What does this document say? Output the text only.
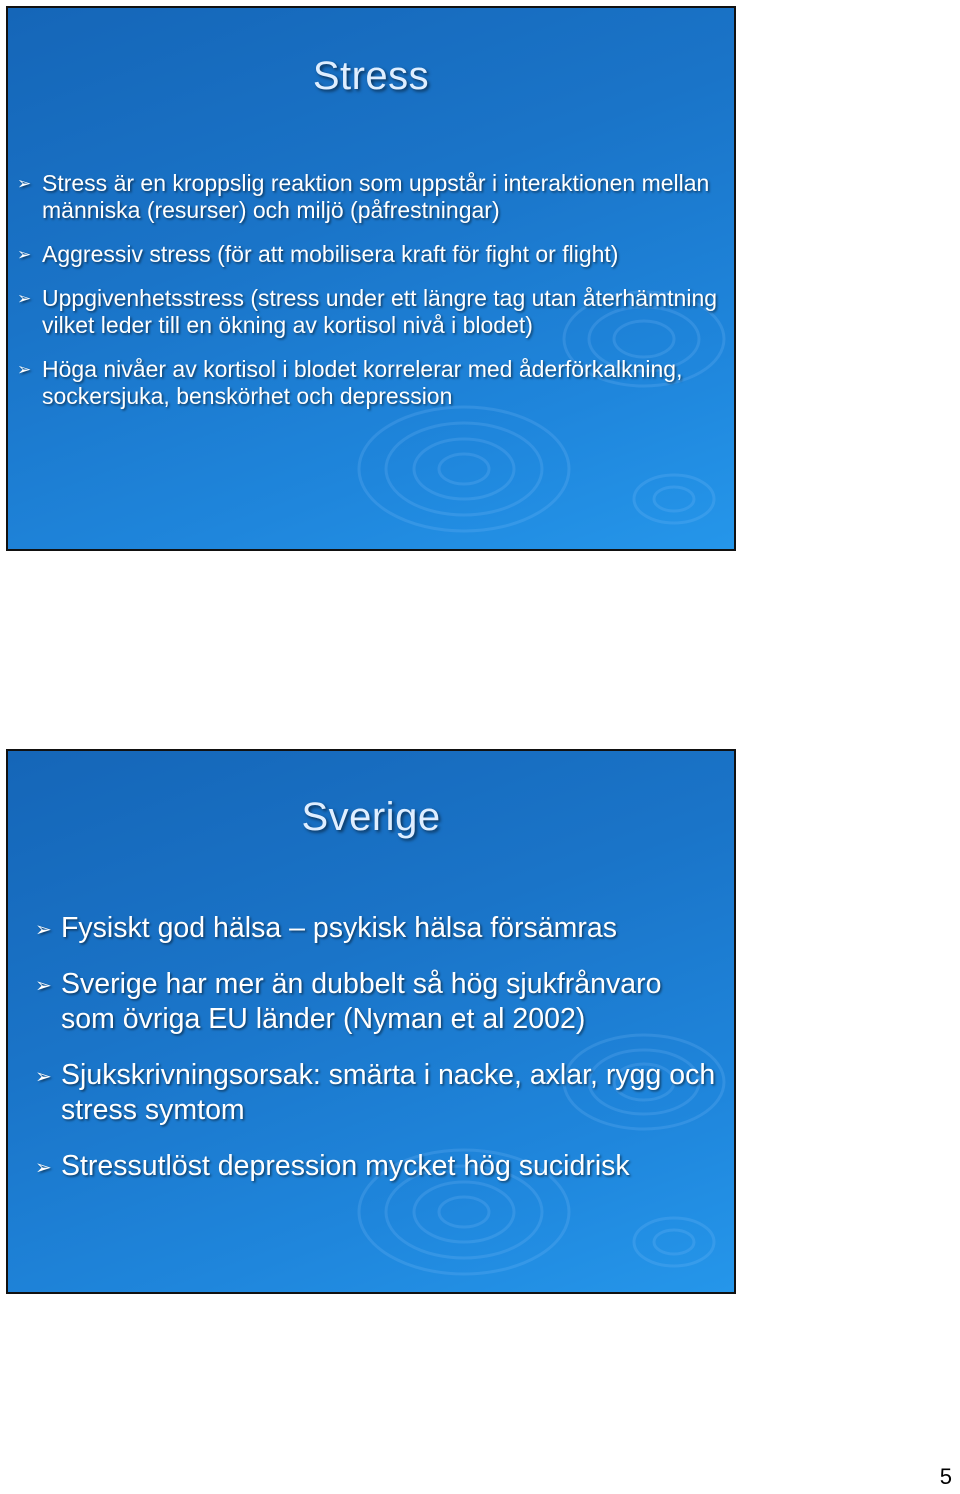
Stress
➢ Stress är en kroppslig reaktion som uppstår i interaktionen mellan människa (resurser) och miljö (påfrestningar)
➢ Aggressiv stress (för att mobilisera kraft för fight or flight)
➢ Uppgivenhetsstress (stress under ett längre tag utan återhämtning vilket leder till en ökning av kortisol nivå i blodet)
➢ Höga nivåer av kortisol i blodet korrelerar med åderförkalkning, sockersjuka, benskörhet och depression
Sverige
➢ Fysiskt god hälsa – psykisk hälsa försämras
➢ Sverige har mer än dubbelt så hög sjukfrånvaro som övriga EU länder (Nyman et al 2002)
➢ Sjukskrivningsorsak: smärta i nacke, axlar, rygg och stress symtom
➢ Stressutlöst depression mycket hög sucidrisk
5
